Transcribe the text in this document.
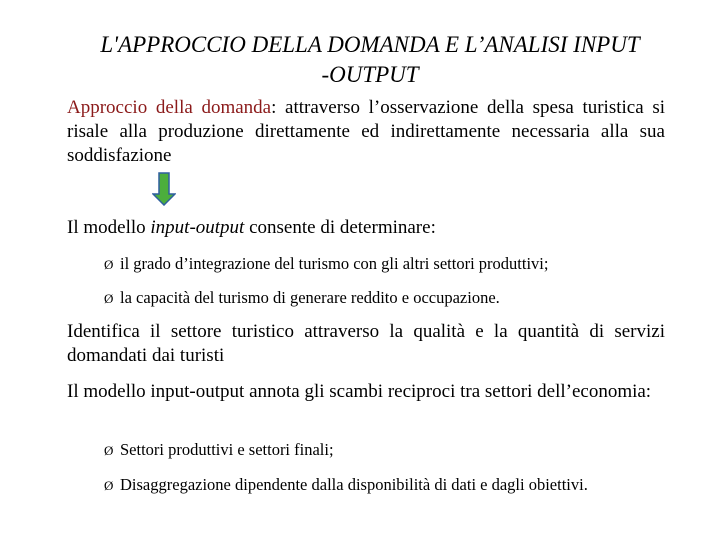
L'APPROCCIO DELLA DOMANDA E L’ANALISI INPUT
-OUTPUT
Approccio della domanda: attraverso l’osservazione della spesa turistica si risale alla produzione direttamente ed indirettamente necessaria alla sua soddisfazione
Il modello input-output consente di determinare:
Ø il grado d’integrazione del turismo con gli altri settori produttivi;
Ø la capacità del turismo di generare reddito e occupazione.
Identifica il settore turistico attraverso la qualità e la quantità di servizi domandati dai turisti
Il modello input-output annota gli scambi reciproci tra settori dell’economia:
Ø Settori produttivi e settori finali;
Ø Disaggregazione dipendente dalla disponibilità di dati e dagli obiettivi.
